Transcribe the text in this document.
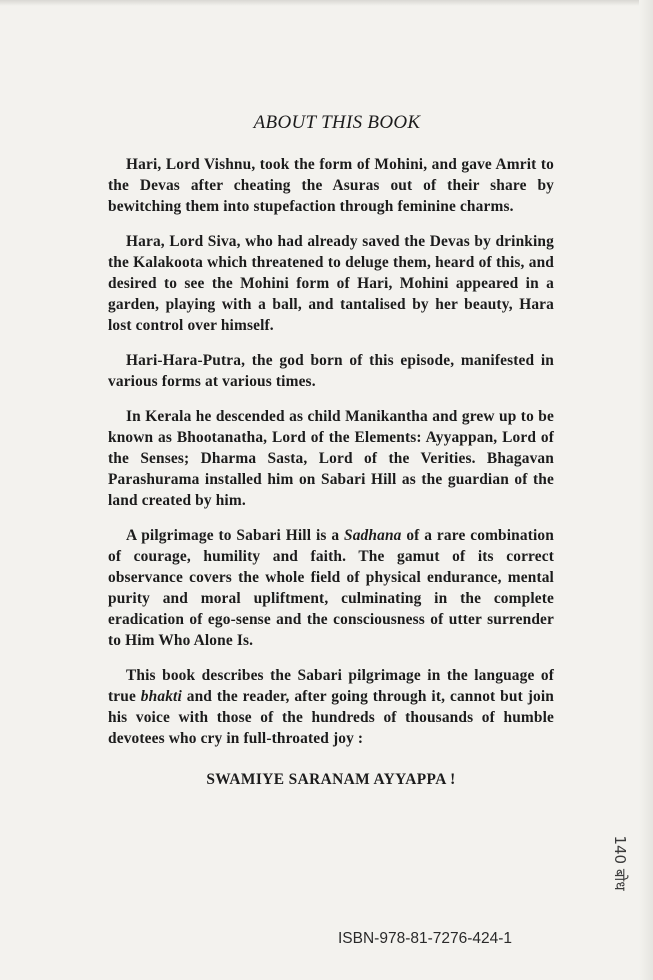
ABOUT THIS BOOK

Hari, Lord Vishnu, took the form of Mohini, and gave Amrit to the Devas after cheating the Asuras out of their share by bewitching them into stupefaction through feminine charms.

Hara, Lord Siva, who had already saved the Devas by drinking the Kalakoota which threatened to deluge them, heard of this, and desired to see the Mohini form of Hari, Mohini appeared in a garden, playing with a ball, and tantalised by her beauty, Hara lost control over himself.

Hari-Hara-Putra, the god born of this episode, manifested in various forms at various times.

In Kerala he descended as child Manikantha and grew up to be known as Bhootanatha, Lord of the Elements: Ayyappan, Lord of the Senses; Dharma Sasta, Lord of the Verities. Bhagavan Parashurama installed him on Sabari Hill as the guardian of the land created by him.

A pilgrimage to Sabari Hill is a Sadhana of a rare combination of courage, humility and faith. The gamut of its correct observance covers the whole field of physical endurance, mental purity and moral upliftment, culminating in the complete eradication of ego-sense and the consciousness of utter surrender to Him Who Alone Is.

This book describes the Sabari pilgrimage in the language of true bhakti and the reader, after going through it, cannot but join his voice with those of the hundreds of thousands of humble devotees who cry in full-throated joy :

SWAMIYE SARANAM AYYAPPA !
ISBN-978-81-7276-424-1
140 बोध
